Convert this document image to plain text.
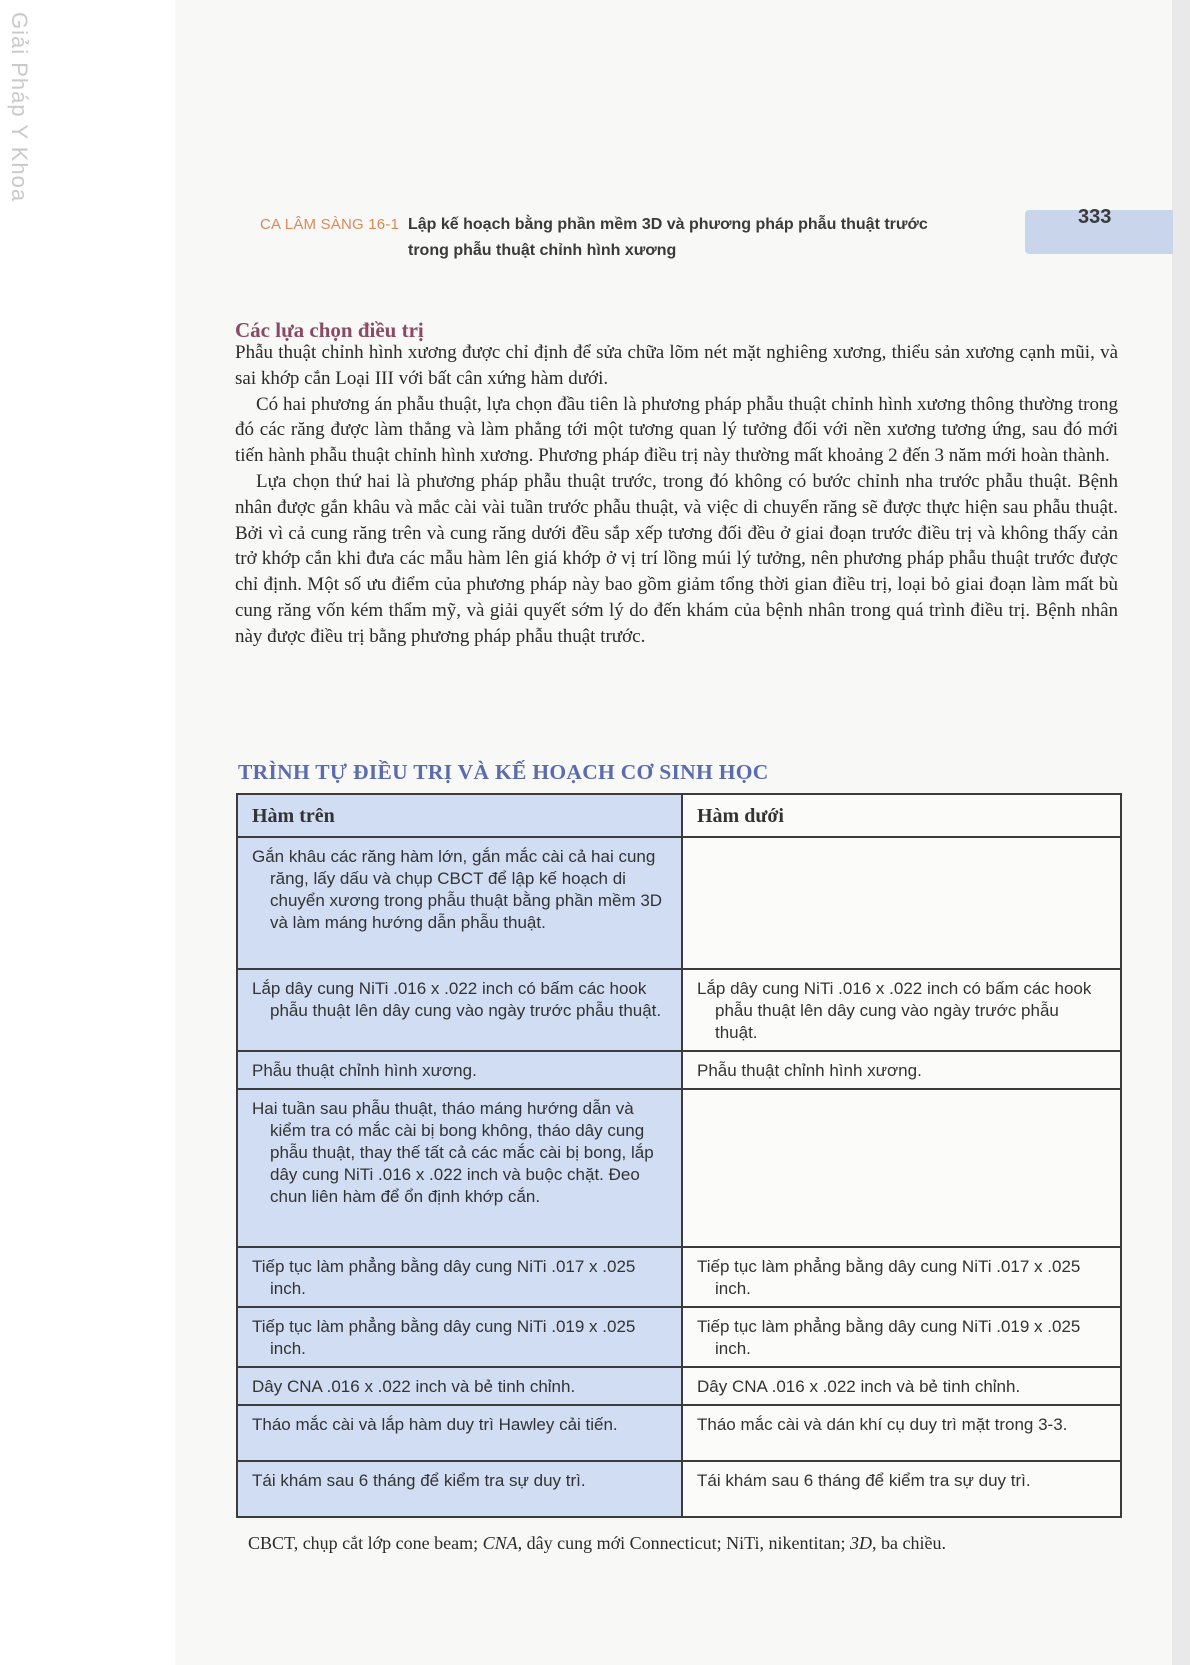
Giải Pháp Y Khoa
333
CA LÂM SÀNG 16-1 Lập kế hoạch bằng phần mềm 3D và phương pháp phẫu thuật trước trong phẫu thuật chỉnh hình xương
Các lựa chọn điều trị

Phẫu thuật chỉnh hình xương được chỉ định để sửa chữa lõm nét mặt nghiêng xương, thiểu sản xương cạnh mũi, và sai khớp cắn Loại III với bất cân xứng hàm dưới.

Có hai phương án phẫu thuật, lựa chọn đầu tiên là phương pháp phẫu thuật chỉnh hình xương thông thường trong đó các răng được làm thẳng và làm phẳng tới một tương quan lý tưởng đối với nền xương tương ứng, sau đó mới tiến hành phẫu thuật chỉnh hình xương. Phương pháp điều trị này thường mất khoảng 2 đến 3 năm mới hoàn thành.

Lựa chọn thứ hai là phương pháp phẫu thuật trước, trong đó không có bước chỉnh nha trước phẫu thuật. Bệnh nhân được gắn khâu và mắc cài vài tuần trước phẫu thuật, và việc di chuyển răng sẽ được thực hiện sau phẫu thuật. Bởi vì cả cung răng trên và cung răng dưới đều sắp xếp tương đối đều ở giai đoạn trước điều trị và không thấy cản trở khớp cắn khi đưa các mẫu hàm lên giá khớp ở vị trí lồng múi lý tưởng, nên phương pháp phẫu thuật trước được chỉ định. Một số ưu điểm của phương pháp này bao gồm giảm tổng thời gian điều trị, loại bỏ giai đoạn làm mất bù cung răng vốn kém thẩm mỹ, và giải quyết sớm lý do đến khám của bệnh nhân trong quá trình điều trị. Bệnh nhân này được điều trị bằng phương pháp phẫu thuật trước.

TRÌNH TỰ ĐIỀU TRỊ VÀ KẾ HOẠCH CƠ SINH HỌC
Hàm trên	Hàm dưới

Gắn khâu các răng hàm lớn, gắn mắc cài cả hai cung răng, lấy dấu và chụp CBCT để lập kế hoạch di chuyển xương trong phẫu thuật bằng phần mềm 3D và làm máng hướng dẫn phẫu thuật.	

Lắp dây cung NiTi .016 x .022 inch có bấm các hook phẫu thuật lên dây cung vào ngày trước phẫu thuật.	Lắp dây cung NiTi .016 x .022 inch có bấm các hook phẫu thuật lên dây cung vào ngày trước phẫu thuật.

Phẫu thuật chỉnh hình xương.	Phẫu thuật chỉnh hình xương.

Hai tuần sau phẫu thuật, tháo máng hướng dẫn và kiểm tra có mắc cài bị bong không, tháo dây cung phẫu thuật, thay thế tất cả các mắc cài bị bong, lắp dây cung NiTi .016 x .022 inch và buộc chặt. Đeo chun liên hàm để ổn định khớp cắn.	

Tiếp tục làm phẳng bằng dây cung NiTi .017 x .025 inch.	Tiếp tục làm phẳng bằng dây cung NiTi .017 x .025 inch.

Tiếp tục làm phẳng bằng dây cung NiTi .019 x .025 inch.	Tiếp tục làm phẳng bằng dây cung NiTi .019 x .025 inch.

Dây CNA .016 x .022 inch và bẻ tinh chỉnh.	Dây CNA .016 x .022 inch và bẻ tinh chỉnh.

Tháo mắc cài và lắp hàm duy trì Hawley cải tiến.	Tháo mắc cài và dán khí cụ duy trì mặt trong 3-3.

Tái khám sau 6 tháng để kiểm tra sự duy trì.	Tái khám sau 6 tháng để kiểm tra sự duy trì.
CBCT, chụp cắt lớp cone beam; CNA, dây cung mới Connecticut; NiTi, nikentitan; 3D, ba chiều.
